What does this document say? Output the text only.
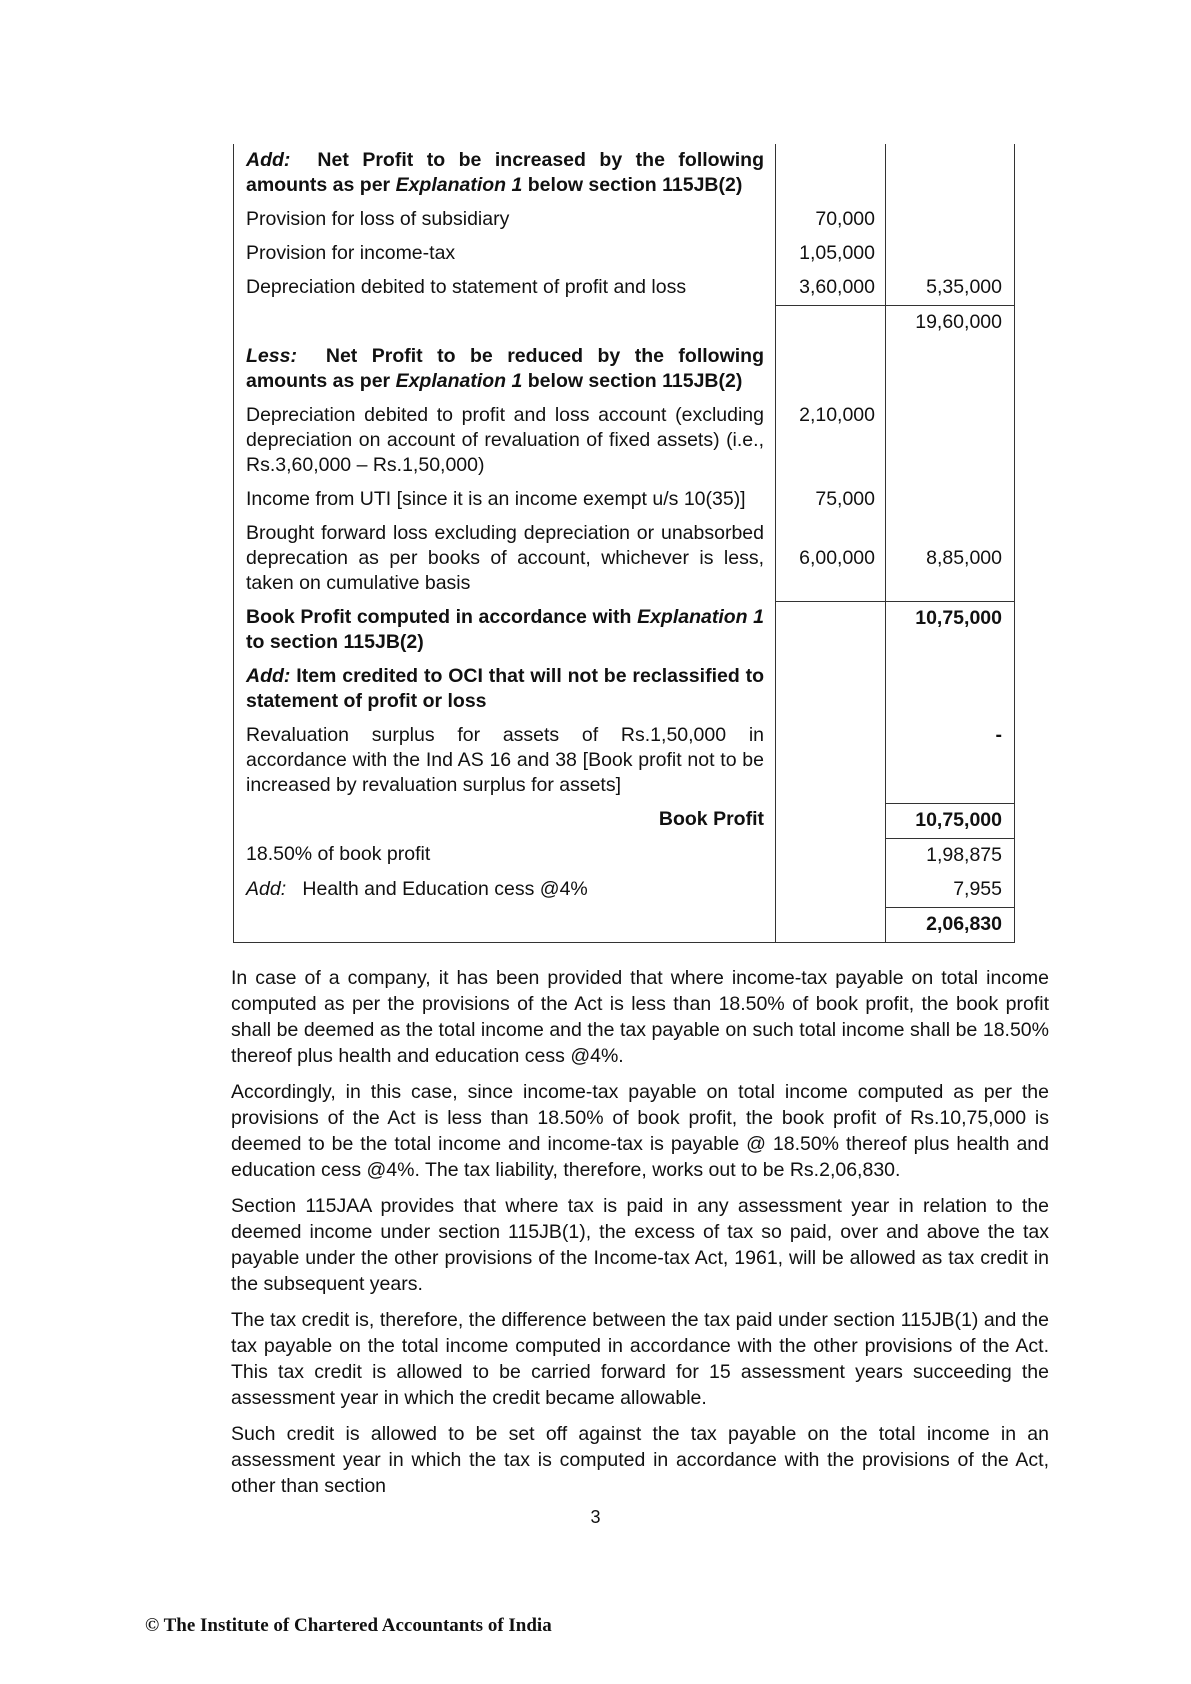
Add: Net Profit to be increased by the following amounts as per Explanation 1 below section 115JB(2)		
Provision for loss of subsidiary	70,000	
Provision for income-tax	1,05,000	
Depreciation debited to statement of profit and loss	3,60,000	5,35,000
		19,60,000
Less: Net Profit to be reduced by the following amounts as per Explanation 1 below section 115JB(2)		
Depreciation debited to profit and loss account (excluding depreciation on account of revaluation of fixed assets) (i.e., Rs.3,60,000 – Rs.1,50,000)	2,10,000	
Income from UTI [since it is an income exempt u/s 10(35)]	75,000	
Brought forward loss excluding depreciation or unabsorbed deprecation as per books of account, whichever is less, taken on cumulative basis	6,00,000	8,85,000
Book Profit computed in accordance with Explanation 1 to section 115JB(2)		10,75,000
Add: Item credited to OCI that will not be reclassified to statement of profit or loss		
Revaluation surplus for assets of Rs.1,50,000 in accordance with the Ind AS 16 and 38 [Book profit not to be increased by revaluation surplus for assets]		-
Book Profit		10,75,000
18.50% of book profit		1,98,875
Add: Health and Education cess @4%		7,955
		2,06,830

In case of a company, it has been provided that where income-tax payable on total income computed as per the provisions of the Act is less than 18.50% of book profit, the book profit shall be deemed as the total income and the tax payable on such total income shall be 18.50% thereof plus health and education cess @4%.

Accordingly, in this case, since income-tax payable on total income computed as per the provisions of the Act is less than 18.50% of book profit, the book profit of Rs.10,75,000 is deemed to be the total income and income-tax is payable @ 18.50% thereof plus health and education cess @4%. The tax liability, therefore, works out to be Rs.2,06,830.

Section 115JAA provides that where tax is paid in any assessment year in relation to the deemed income under section 115JB(1), the excess of tax so paid, over and above the tax payable under the other provisions of the Income-tax Act, 1961, will be allowed as tax credit in the subsequent years.

The tax credit is, therefore, the difference between the tax paid under section 115JB(1) and the tax payable on the total income computed in accordance with the other provisions of the Act. This tax credit is allowed to be carried forward for 15 assessment years succeeding the assessment year in which the credit became allowable.

Such credit is allowed to be set off against the tax payable on the total income in an assessment year in which the tax is computed in accordance with the provisions of the Act, other than section

3
© The Institute of Chartered Accountants of India
